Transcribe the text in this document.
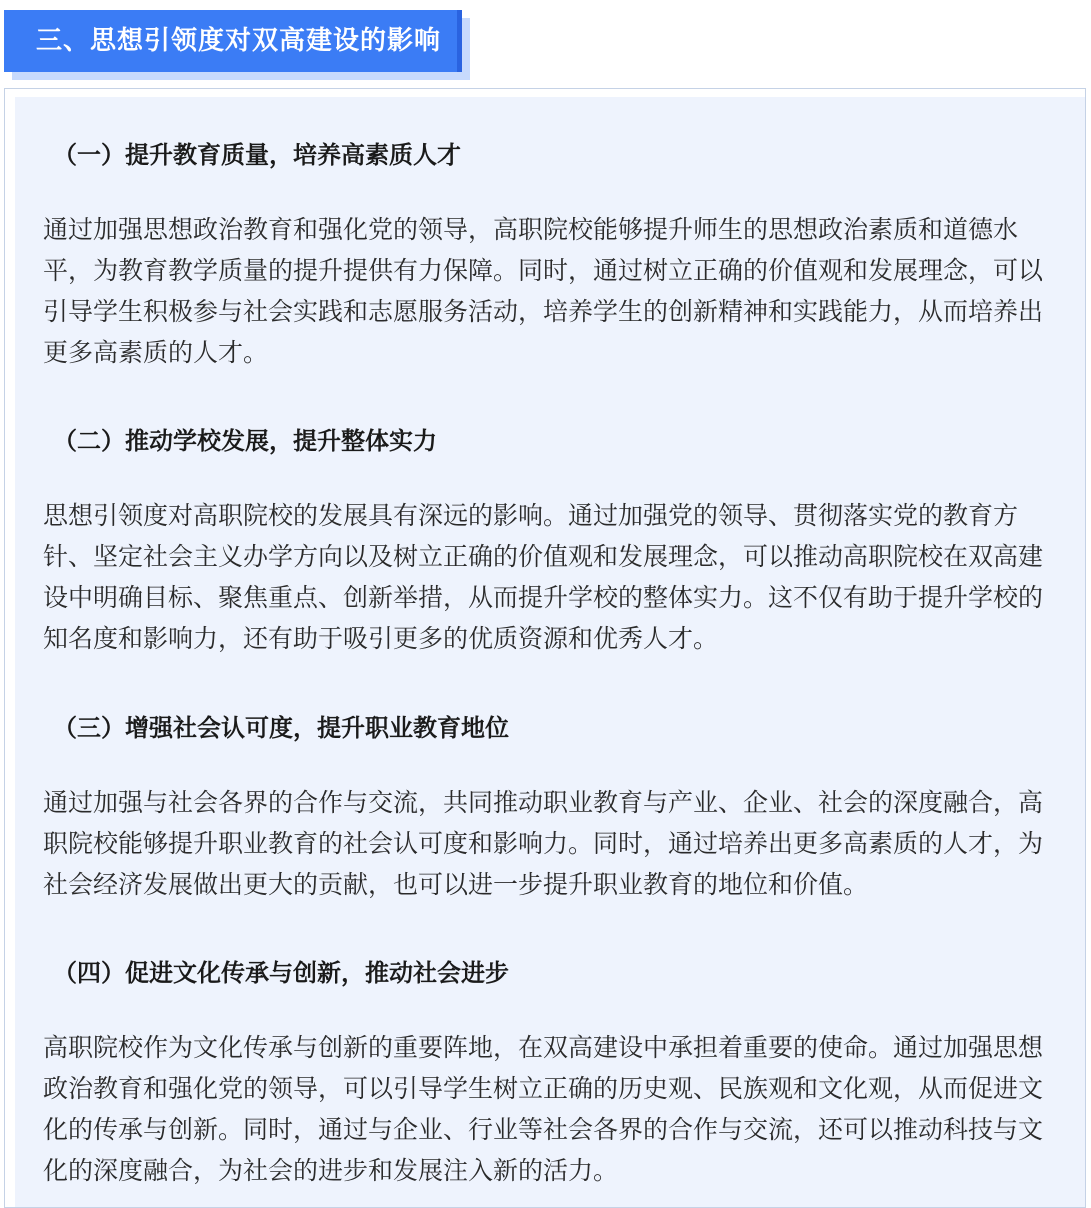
三、思想引领度对双高建设的影响
（一）提升教育质量，培养高素质人才

通过加强思想政治教育和强化党的领导，高职院校能够提升师生的思想政治素质和道德水平，为教育教学质量的提升提供有力保障。同时，通过树立正确的价值观和发展理念，可以引导学生积极参与社会实践和志愿服务活动，培养学生的创新精神和实践能力，从而培养出更多高素质的人才。

（二）推动学校发展，提升整体实力

思想引领度对高职院校的发展具有深远的影响。通过加强党的领导、贯彻落实党的教育方针、坚定社会主义办学方向以及树立正确的价值观和发展理念，可以推动高职院校在双高建设中明确目标、聚焦重点、创新举措，从而提升学校的整体实力。这不仅有助于提升学校的知名度和影响力，还有助于吸引更多的优质资源和优秀人才。

（三）增强社会认可度，提升职业教育地位

通过加强与社会各界的合作与交流，共同推动职业教育与产业、企业、社会的深度融合，高职院校能够提升职业教育的社会认可度和影响力。同时，通过培养出更多高素质的人才，为社会经济发展做出更大的贡献，也可以进一步提升职业教育的地位和价值。

（四）促进文化传承与创新，推动社会进步

高职院校作为文化传承与创新的重要阵地，在双高建设中承担着重要的使命。通过加强思想政治教育和强化党的领导，可以引导学生树立正确的历史观、民族观和文化观，从而促进文化的传承与创新。同时，通过与企业、行业等社会各界的合作与交流，还可以推动科技与文化的深度融合，为社会的进步和发展注入新的活力。
